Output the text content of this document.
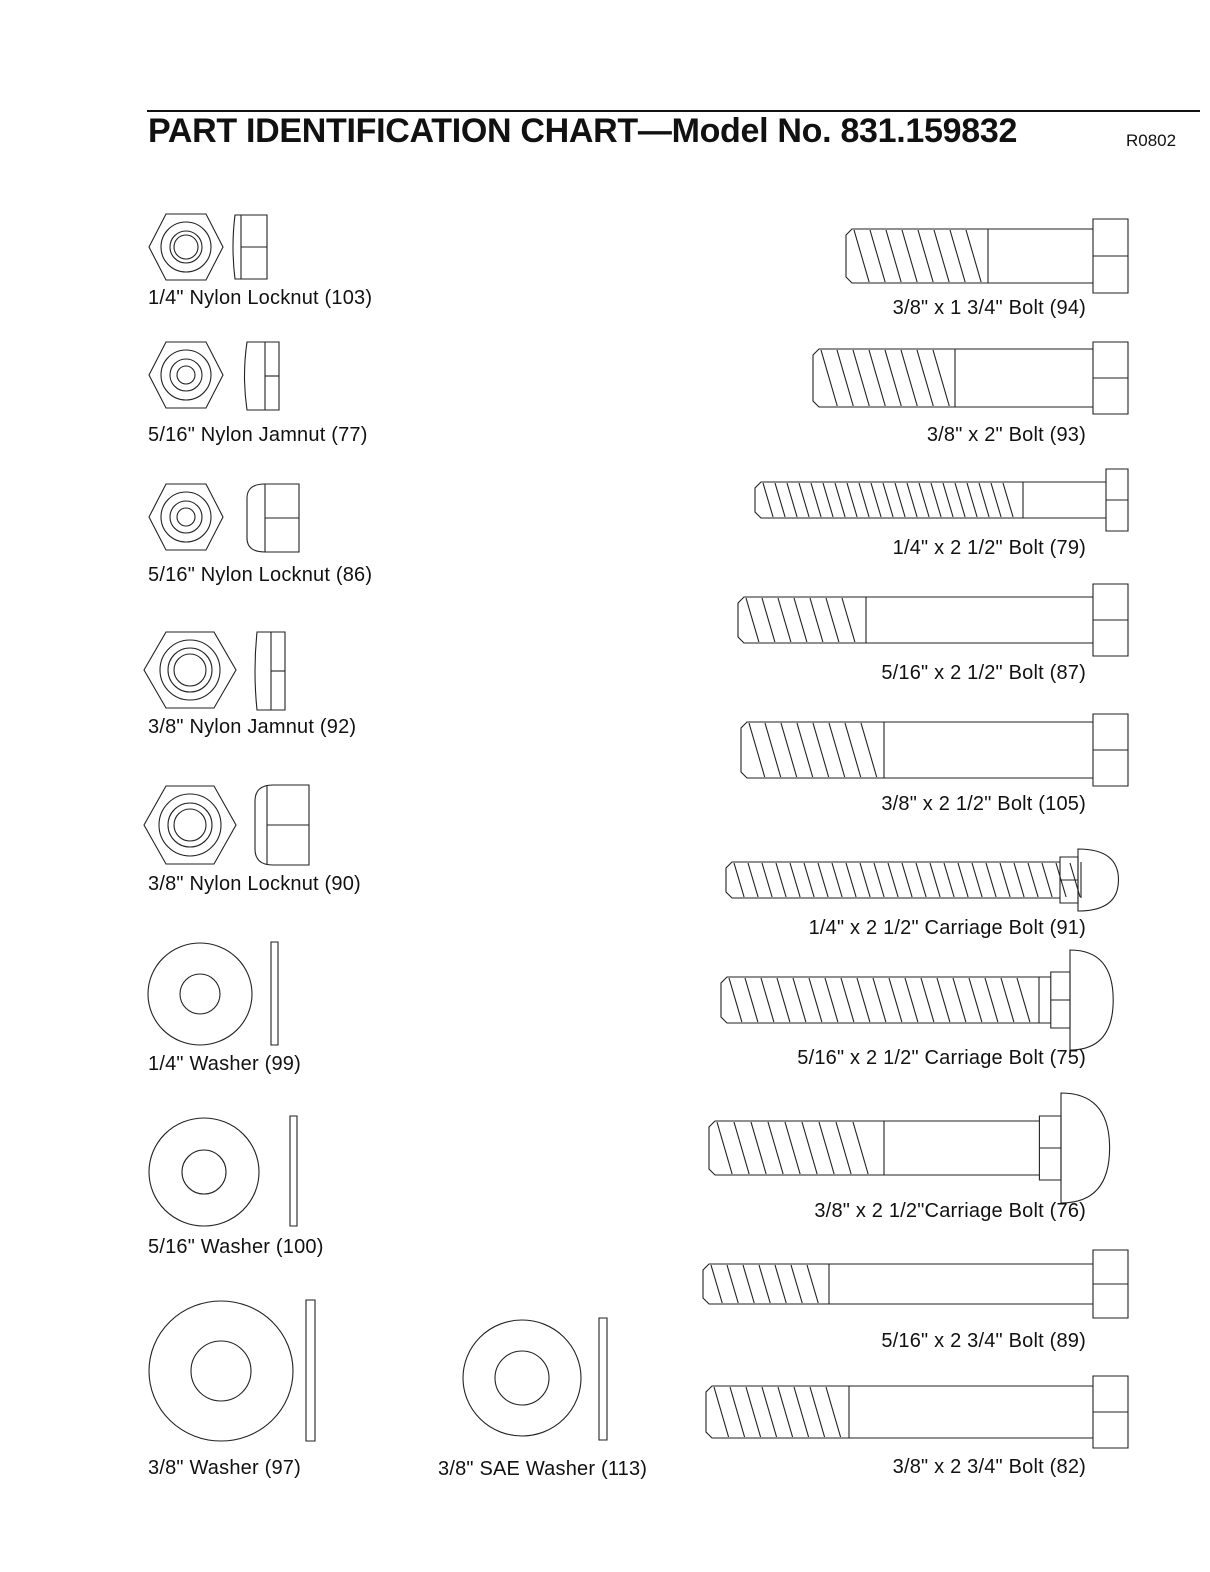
PART IDENTIFICATION CHART—Model No. 831.159832	R0802
1/4" Nylon Locknut (103)
5/16" Nylon Jamnut (77)
5/16" Nylon Locknut (86)
3/8" Nylon Jamnut (92)
3/8" Nylon Locknut (90)
1/4" Washer (99)
5/16" Washer (100)
3/8" Washer (97)	3/8" SAE Washer (113)
3/8" x 1 3/4" Bolt (94)
3/8" x 2" Bolt (93)
1/4" x 2 1/2" Bolt (79)
5/16" x 2 1/2" Bolt (87)
3/8" x 2 1/2" Bolt (105)
1/4" x 2 1/2" Carriage Bolt (91)
5/16" x 2 1/2" Carriage Bolt (75)
3/8" x 2 1/2"Carriage Bolt (76)
5/16" x 2 3/4" Bolt (89)
3/8" x 2 3/4" Bolt (82)
